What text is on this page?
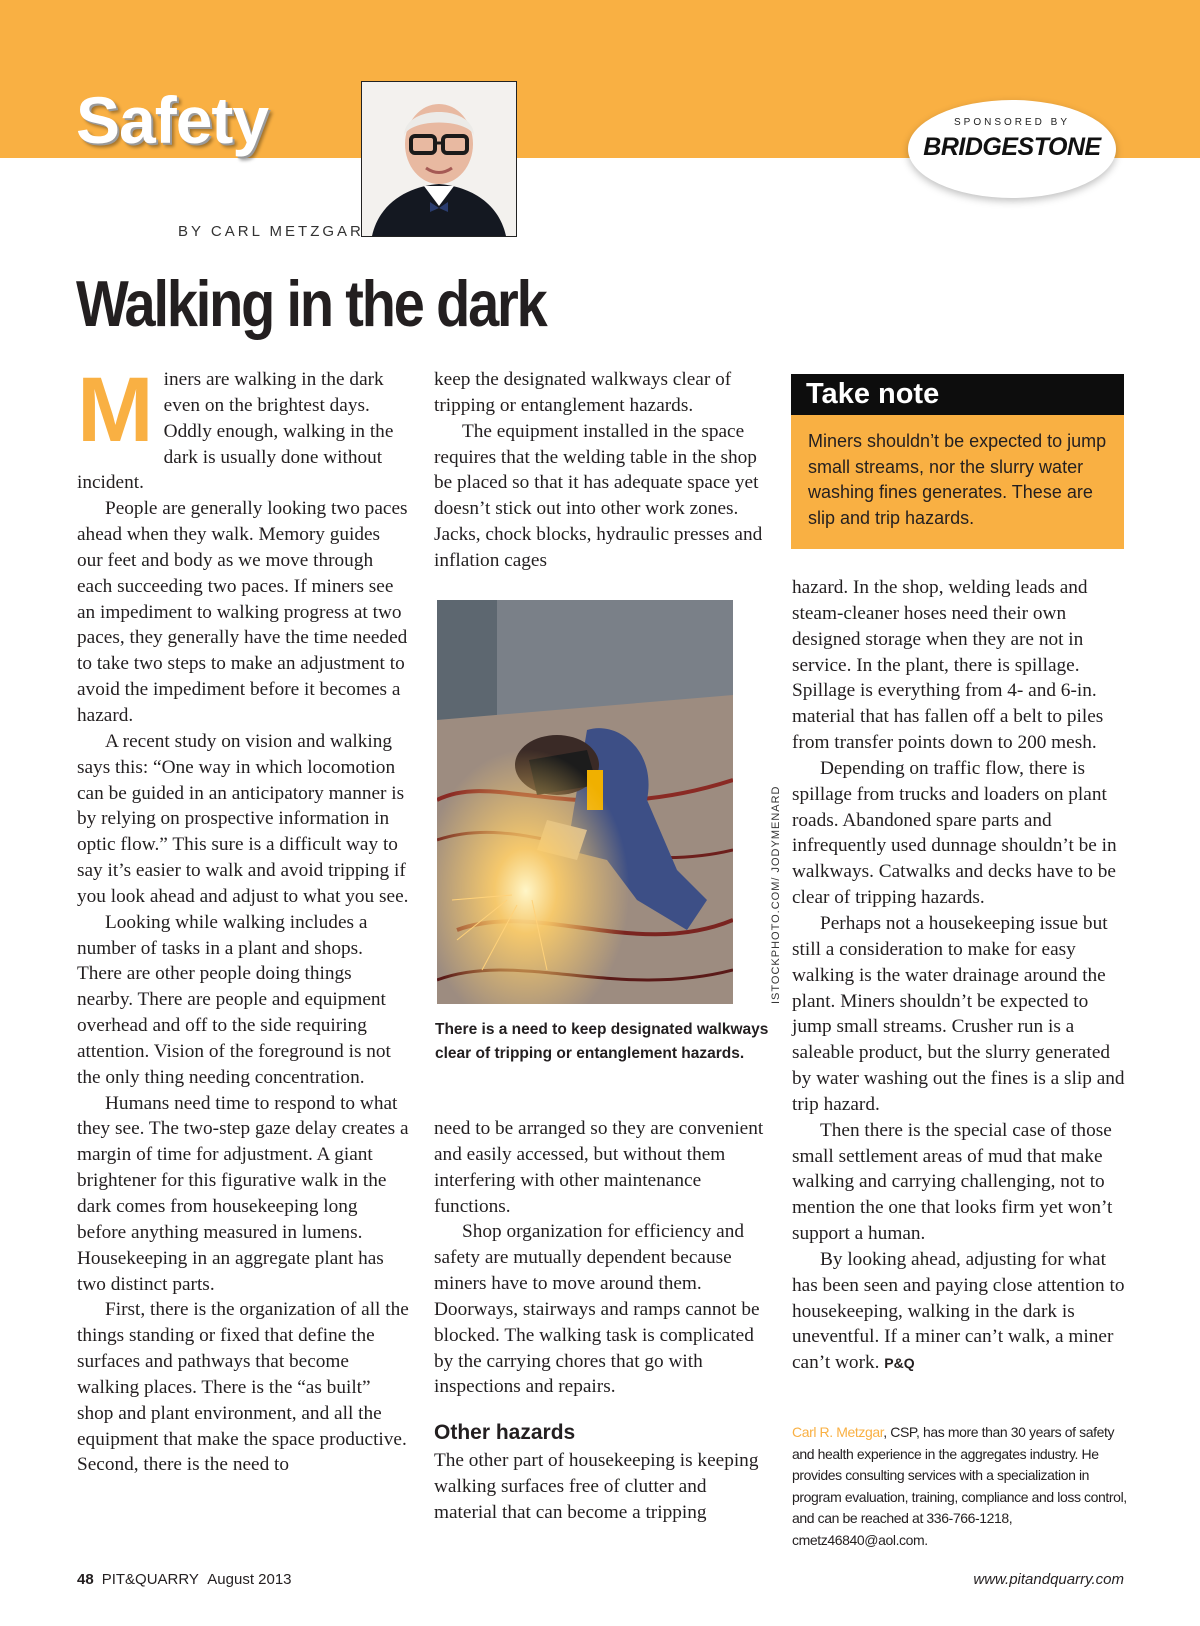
Safety
BY CARL METZGAR
SPONSORED BY
BRIDGESTONE
Walking in the dark

Miners are walking in the dark even on the brightest days. Oddly enough, walking in the dark is usually done without incident.

People are generally looking two paces ahead when they walk. Memory guides our feet and body as we move through each succeeding two paces. If miners see an impediment to walking progress at two paces, they generally have the time needed to take two steps to make an adjustment to avoid the impediment before it becomes a hazard.

A recent study on vision and walking says this: “One way in which locomotion can be guided in an anticipatory manner is by relying on prospective information in optic flow.” This sure is a difficult way to say it’s easier to walk and avoid tripping if you look ahead and adjust to what you see.

Looking while walking includes a number of tasks in a plant and shops. There are other people doing things nearby. There are people and equipment overhead and off to the side requiring attention. Vision of the foreground is not the only thing needing concentration.

Humans need time to respond to what they see. The two-step gaze delay creates a margin of time for adjustment. A giant brightener for this figurative walk in the dark comes from housekeeping long before anything measured in lumens. Housekeeping in an aggregate plant has two distinct parts.

First, there is the organization of all the things standing or fixed that define the surfaces and pathways that become walking places. There is the “as built” shop and plant environment, and all the equipment that make the space productive. Second, there is the need to

keep the designated walkways clear of tripping or entanglement hazards.

The equipment installed in the space requires that the welding table in the shop be placed so that it has adequate space yet doesn’t stick out into other work zones. Jacks, chock blocks, hydraulic presses and inflation cages

ISTOCKPHOTO.COM/ JODYMENARD
There is a need to keep designated walkways clear of tripping or entanglement hazards.

need to be arranged so they are convenient and easily accessed, but without them interfering with other maintenance functions.

Shop organization for efficiency and safety are mutually dependent because miners have to move around them. Doorways, stairways and ramps cannot be blocked. The walking task is complicated by the carrying chores that go with inspections and repairs.

Other hazards

The other part of housekeeping is keeping walking surfaces free of clutter and material that can become a tripping

Take note
Miners shouldn’t be expected to jump small streams, nor the slurry water washing fines generates. These are slip and trip hazards.

hazard. In the shop, welding leads and steam-cleaner hoses need their own designed storage when they are not in service. In the plant, there is spillage. Spillage is everything from 4- and 6-in. material that has fallen off a belt to piles from transfer points down to 200 mesh.

Depending on traffic flow, there is spillage from trucks and loaders on plant roads. Abandoned spare parts and infrequently used dunnage shouldn’t be in walkways. Catwalks and decks have to be clear of tripping hazards.

Perhaps not a housekeeping issue but still a consideration to make for easy walking is the water drainage around the plant. Miners shouldn’t be expected to jump small streams. Crusher run is a saleable product, but the slurry generated by water washing out the fines is a slip and trip hazard.

Then there is the special case of those small settlement areas of mud that make walking and carrying challenging, not to mention the one that looks firm yet won’t support a human.

By looking ahead, adjusting for what has been seen and paying close attention to housekeeping, walking in the dark is uneventful. If a miner can’t walk, a miner can’t work. P&Q

Carl R. Metzgar, CSP, has more than 30 years of safety and health experience in the aggregates industry. He provides consulting services with a specialization in program evaluation, training, compliance and loss control, and can be reached at 336-766-1218, cmetz46840@aol.com.
48 PIT&QUARRY August 2013	www.pitandquarry.com
